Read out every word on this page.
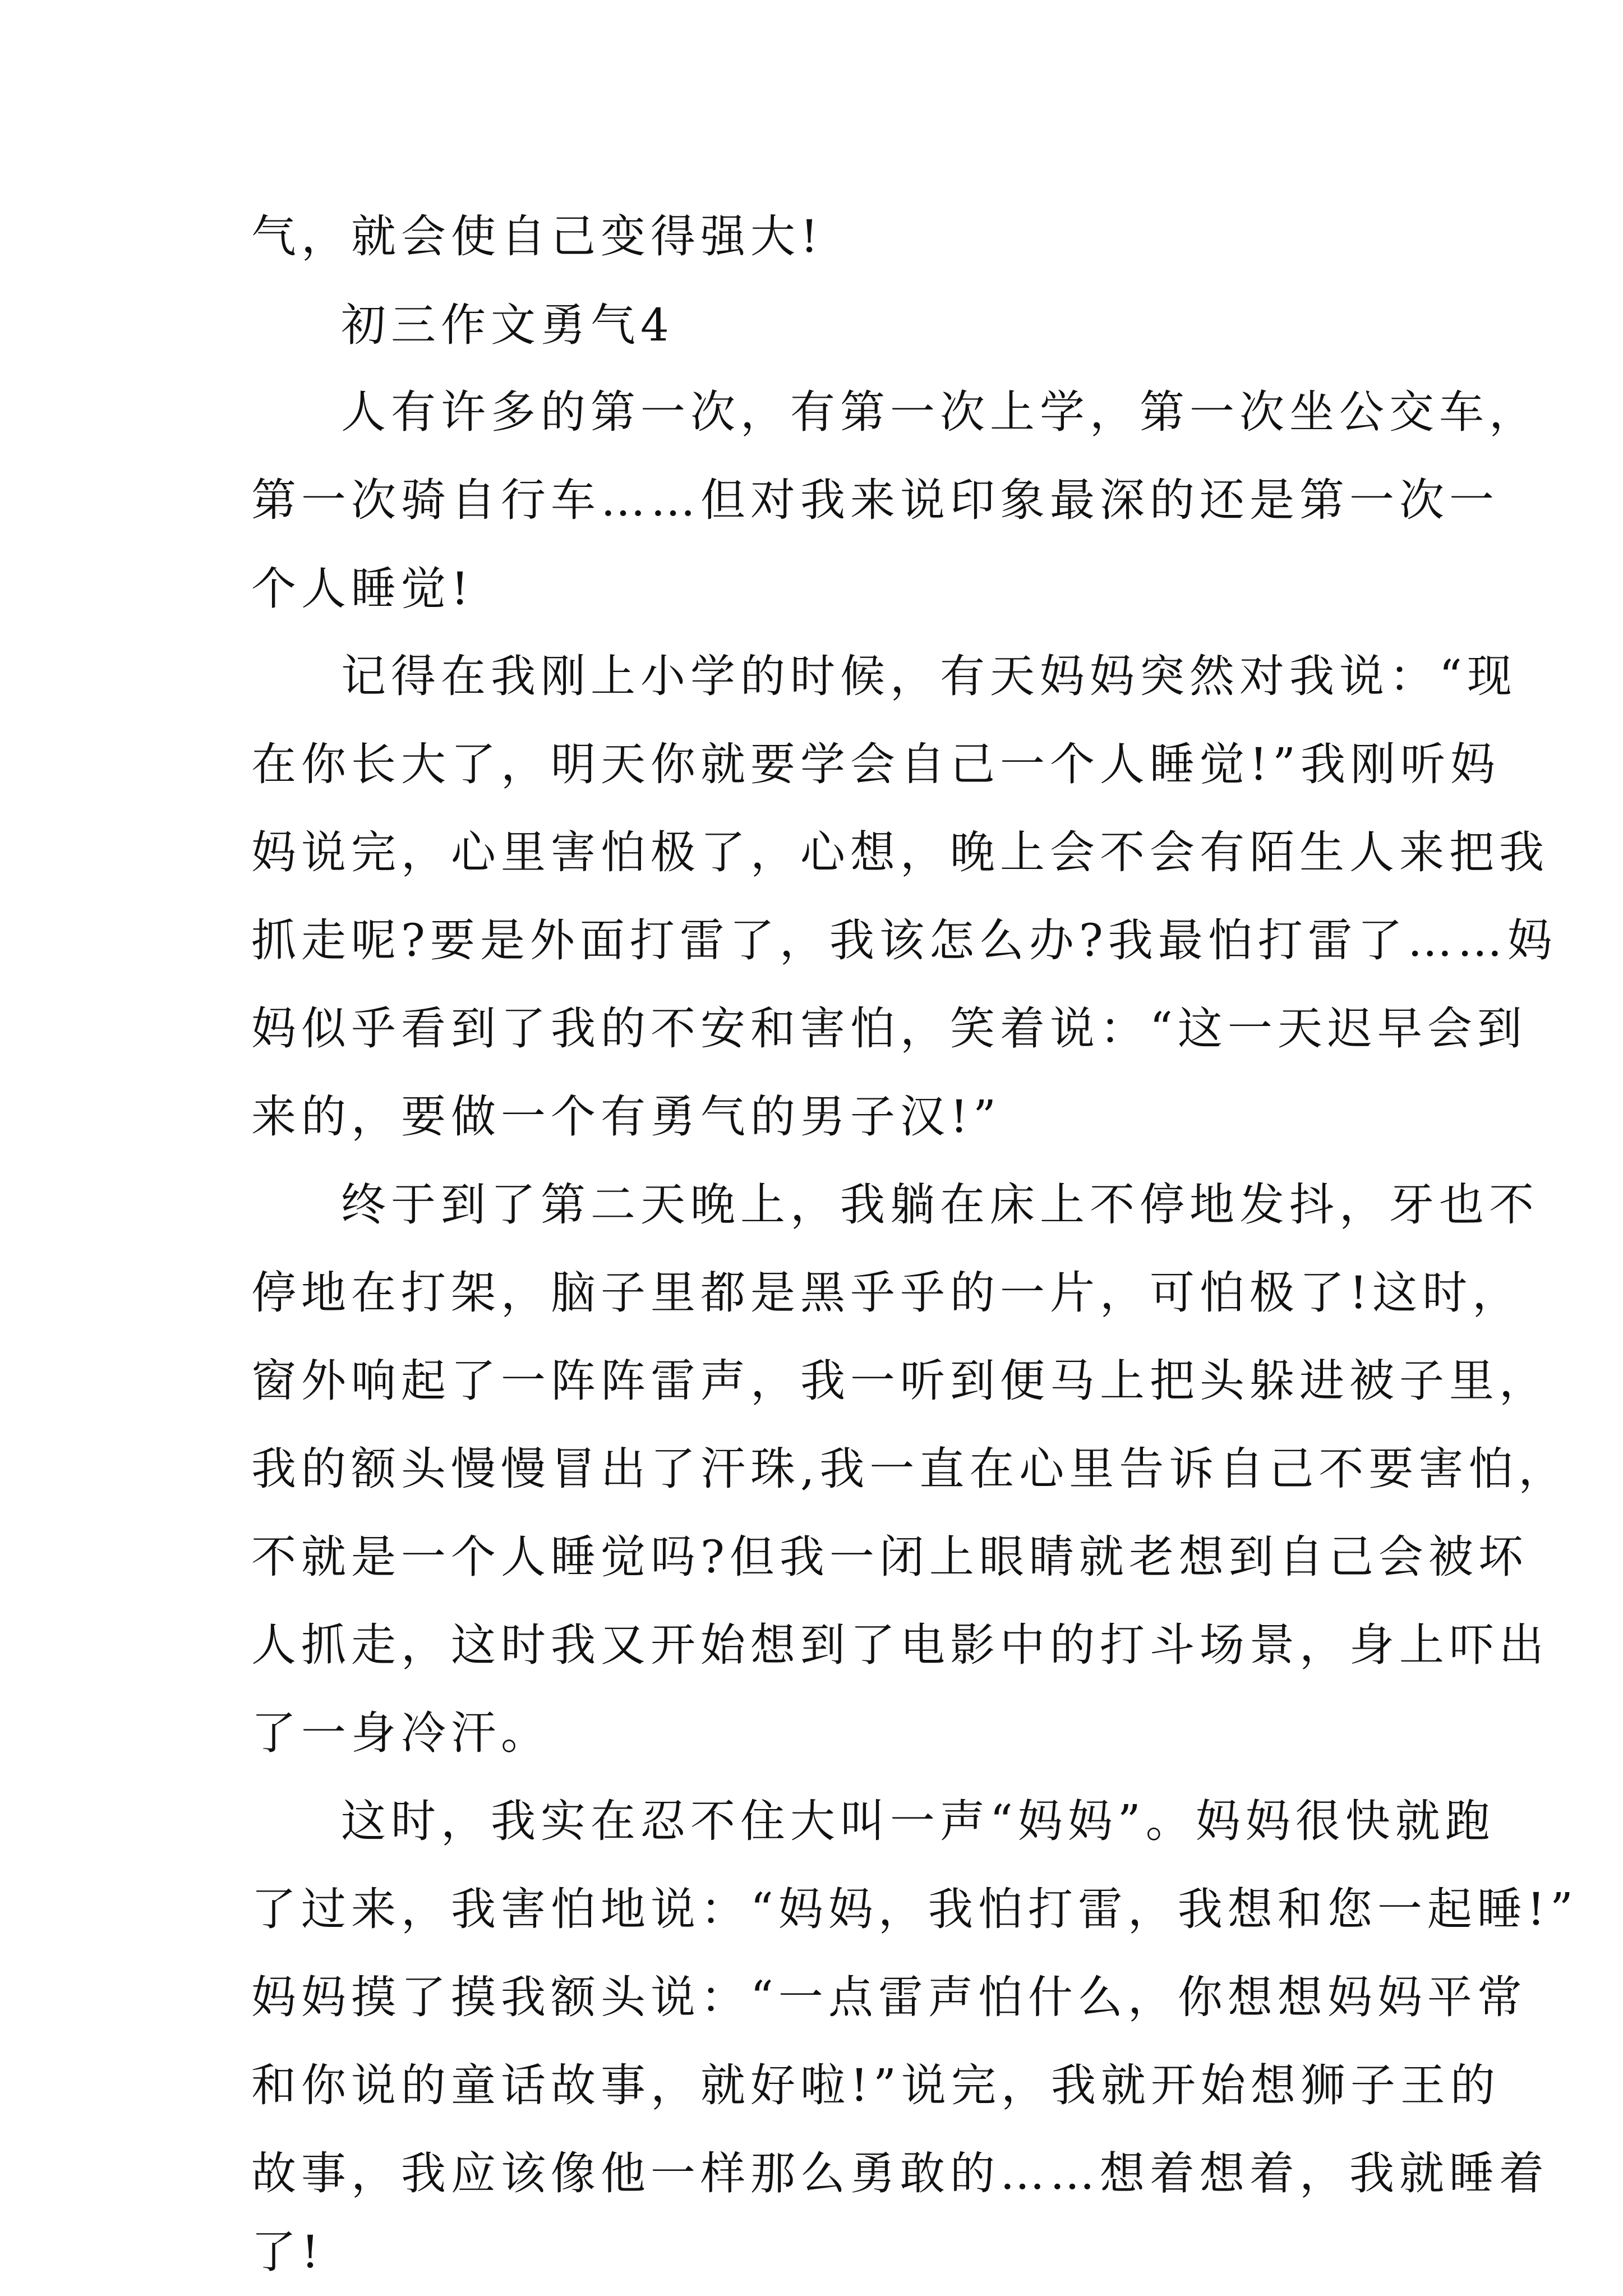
气，就会使自己变得强大!
初三作文勇气4
人有许多的第一次，有第一次上学，第一次坐公交车，
第一次骑自行车……但对我来说印象最深的还是第一次一
个人睡觉!
记得在我刚上小学的时候，有天妈妈突然对我说：“现
在你长大了，明天你就要学会自己一个人睡觉!”我刚听妈
妈说完，心里害怕极了，心想，晚上会不会有陌生人来把我
抓走呢?要是外面打雷了，我该怎么办?我最怕打雷了……妈
妈似乎看到了我的不安和害怕，笑着说：“这一天迟早会到
来的，要做一个有勇气的男子汉!”
终于到了第二天晚上，我躺在床上不停地发抖，牙也不
停地在打架，脑子里都是黑乎乎的一片，可怕极了!这时，
窗外响起了一阵阵雷声，我一听到便马上把头躲进被子里，
我的额头慢慢冒出了汗珠,我一直在心里告诉自己不要害怕，
不就是一个人睡觉吗?但我一闭上眼睛就老想到自己会被坏
人抓走，这时我又开始想到了电影中的打斗场景，身上吓出
了一身冷汗。
这时，我实在忍不住大叫一声“妈妈”。妈妈很快就跑
了过来，我害怕地说：“妈妈，我怕打雷，我想和您一起睡!”
妈妈摸了摸我额头说：“一点雷声怕什么，你想想妈妈平常
和你说的童话故事，就好啦!”说完，我就开始想狮子王的
故事，我应该像他一样那么勇敢的……想着想着，我就睡着
了!
